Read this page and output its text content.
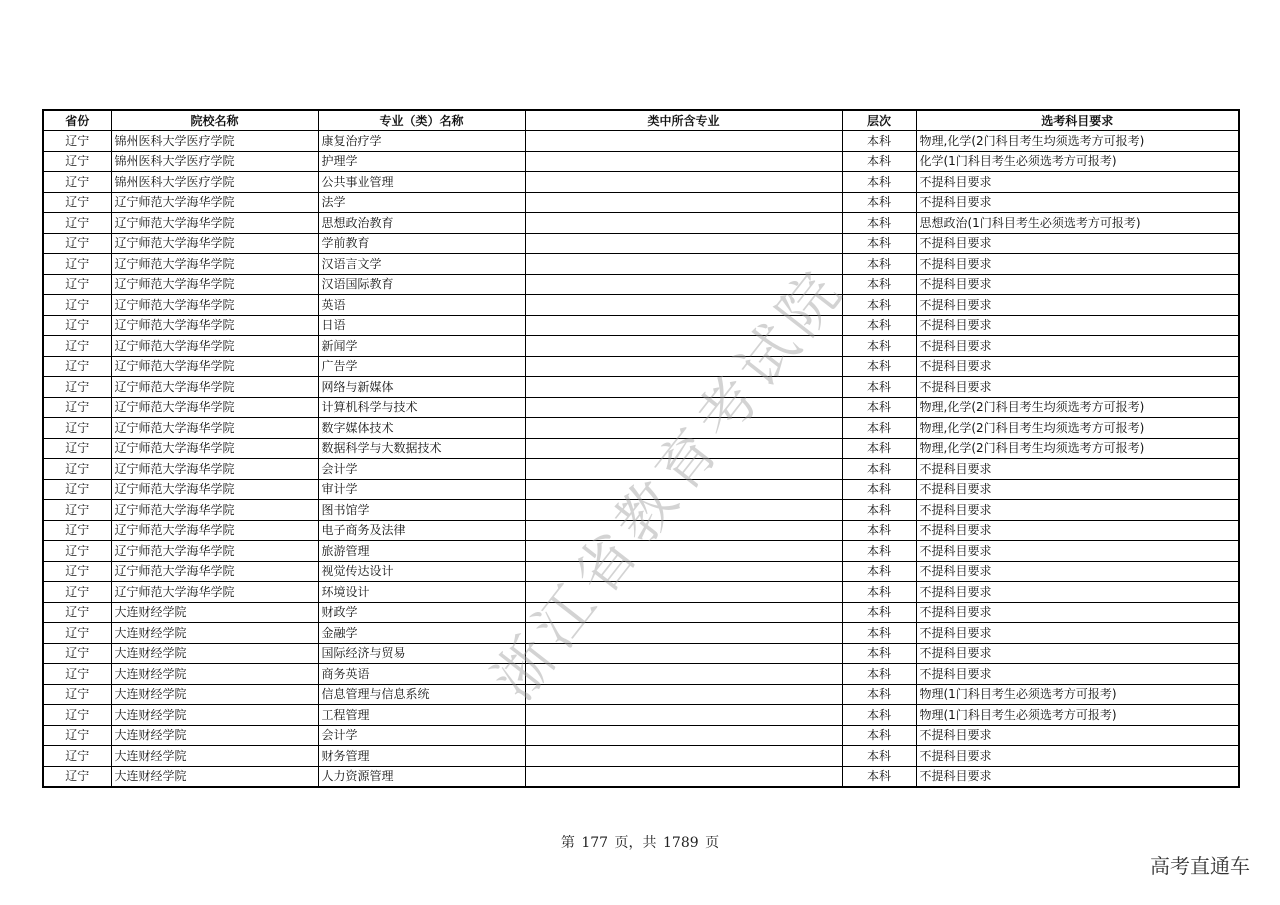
省份	院校名称	专业（类）名称	类中所含专业	层次	选考科目要求
辽宁	锦州医科大学医疗学院	康复治疗学		本科	物理,化学(2门科目考生均须选考方可报考)
辽宁	锦州医科大学医疗学院	护理学		本科	化学(1门科目考生必须选考方可报考)
辽宁	锦州医科大学医疗学院	公共事业管理		本科	不提科目要求
辽宁	辽宁师范大学海华学院	法学		本科	不提科目要求
辽宁	辽宁师范大学海华学院	思想政治教育		本科	思想政治(1门科目考生必须选考方可报考)
辽宁	辽宁师范大学海华学院	学前教育		本科	不提科目要求
辽宁	辽宁师范大学海华学院	汉语言文学		本科	不提科目要求
辽宁	辽宁师范大学海华学院	汉语国际教育		本科	不提科目要求
辽宁	辽宁师范大学海华学院	英语		本科	不提科目要求
辽宁	辽宁师范大学海华学院	日语		本科	不提科目要求
辽宁	辽宁师范大学海华学院	新闻学		本科	不提科目要求
辽宁	辽宁师范大学海华学院	广告学		本科	不提科目要求
辽宁	辽宁师范大学海华学院	网络与新媒体		本科	不提科目要求
辽宁	辽宁师范大学海华学院	计算机科学与技术		本科	物理,化学(2门科目考生均须选考方可报考)
辽宁	辽宁师范大学海华学院	数字媒体技术		本科	物理,化学(2门科目考生均须选考方可报考)
辽宁	辽宁师范大学海华学院	数据科学与大数据技术		本科	物理,化学(2门科目考生均须选考方可报考)
辽宁	辽宁师范大学海华学院	会计学		本科	不提科目要求
辽宁	辽宁师范大学海华学院	审计学		本科	不提科目要求
辽宁	辽宁师范大学海华学院	图书馆学		本科	不提科目要求
辽宁	辽宁师范大学海华学院	电子商务及法律		本科	不提科目要求
辽宁	辽宁师范大学海华学院	旅游管理		本科	不提科目要求
辽宁	辽宁师范大学海华学院	视觉传达设计		本科	不提科目要求
辽宁	辽宁师范大学海华学院	环境设计		本科	不提科目要求
辽宁	大连财经学院	财政学		本科	不提科目要求
辽宁	大连财经学院	金融学		本科	不提科目要求
辽宁	大连财经学院	国际经济与贸易		本科	不提科目要求
辽宁	大连财经学院	商务英语		本科	不提科目要求
辽宁	大连财经学院	信息管理与信息系统		本科	物理(1门科目考生必须选考方可报考)
辽宁	大连财经学院	工程管理		本科	物理(1门科目考生必须选考方可报考)
辽宁	大连财经学院	会计学		本科	不提科目要求
辽宁	大连财经学院	财务管理		本科	不提科目要求
辽宁	大连财经学院	人力资源管理		本科	不提科目要求
浙江省教育考试院
第 177 页，共 1789 页
高考直通车
